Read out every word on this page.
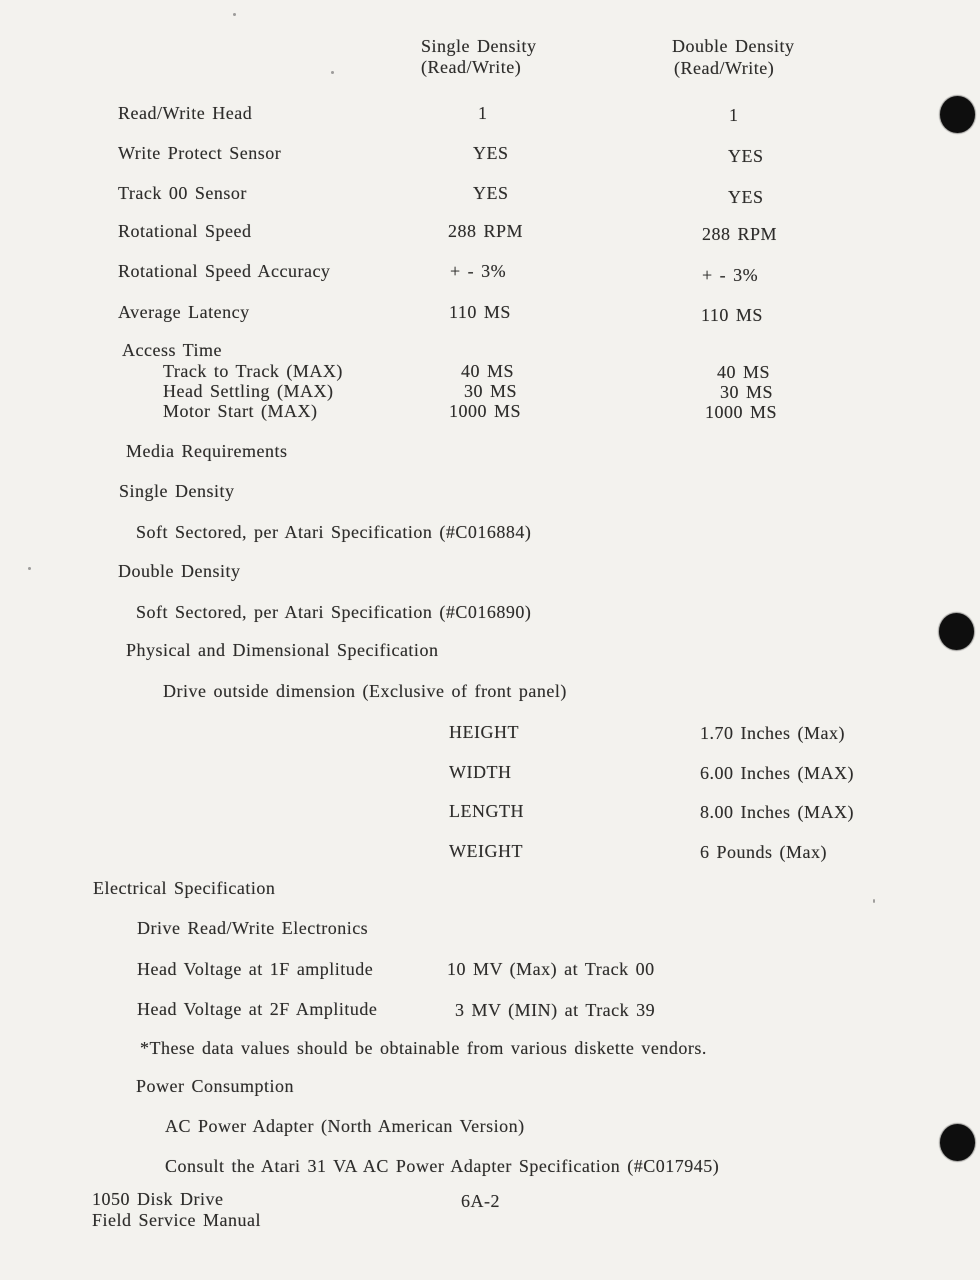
Single Density
(Read/Write)
Double Density
(Read/Write)
Read/Write Head	1	1
Write Protect Sensor	YES	YES
Track 00 Sensor	YES	YES
Rotational Speed	288 RPM	288 RPM
Rotational Speed Accuracy	+ - 3%	+ - 3%
Average Latency	110 MS	110 MS
Access Time
Track to Track (MAX)	40 MS	40 MS
Head Settling (MAX)	30 MS	30 MS
Motor Start (MAX)	1000 MS	1000 MS
Media Requirements
Single Density
Soft Sectored, per Atari Specification (#C016884)
Double Density
Soft Sectored, per Atari Specification (#C016890)
Physical and Dimensional Specification
Drive outside dimension (Exclusive of front panel)
HEIGHT	1.70 Inches (Max)
WIDTH	6.00 Inches (MAX)
LENGTH	8.00 Inches (MAX)
WEIGHT	6 Pounds (Max)
Electrical Specification
Drive Read/Write Electronics
Head Voltage at 1F amplitude	10 MV (Max) at Track 00
Head Voltage at 2F Amplitude	3 MV (MIN) at Track 39
*These data values should be obtainable from various diskette vendors.
Power Consumption
AC Power Adapter (North American Version)
Consult the Atari 31 VA AC Power Adapter Specification (#C017945)
1050 Disk Drive
Field Service Manual
6A-2
